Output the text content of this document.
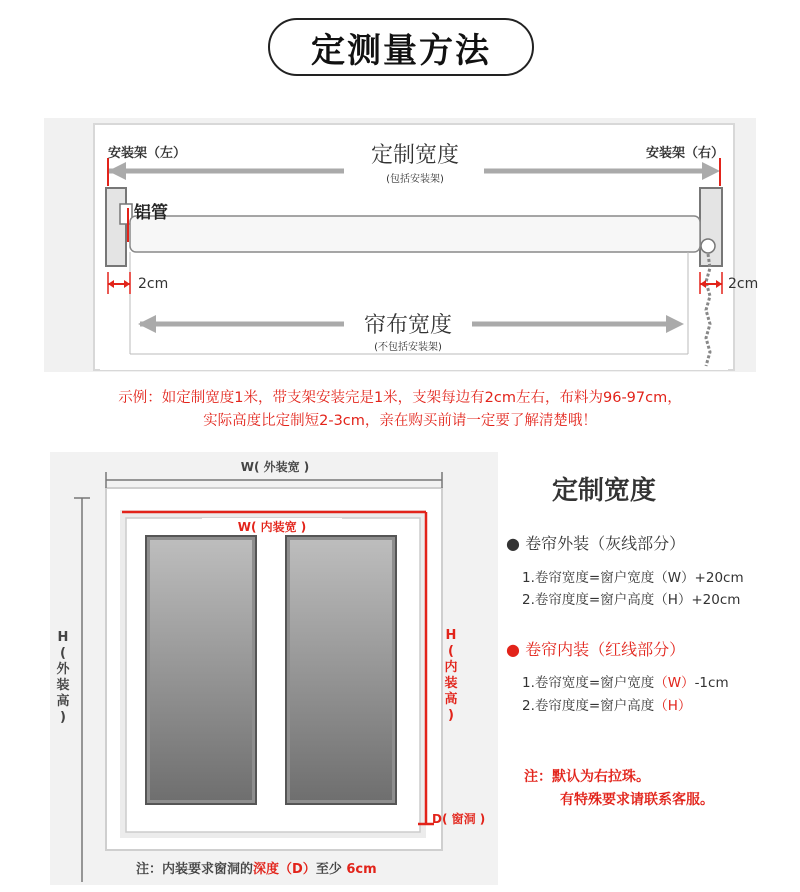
定测量方法
安装架（左）	安装架（右）
定制宽度
(包括安装架)
铝管
2cm	2cm
帘布宽度
(不包括安装架)
示例：如定制宽度1米，带支架安装完是1米，支架每边有2cm左右，布料为96-97cm，
实际高度比定制短2-3cm，亲在购买前请一定要了解清楚哦！
W( 外装宽 )
W( 内装宽 )
H
(
外
装
高
)
H
(
内
装
高
)
D( 窗洞 )
注：内装要求窗洞的深度（D）至少 6cm
定制宽度
● 卷帘外装（灰线部分）
1.卷帘宽度=窗户宽度（W）+20cm
2.卷帘度度=窗户高度（H）+20cm
● 卷帘内装（红线部分）
1.卷帘宽度=窗户宽度（W）-1cm
2.卷帘度度=窗户高度（H）
注：默认为右拉珠。
有特殊要求请联系客服。
